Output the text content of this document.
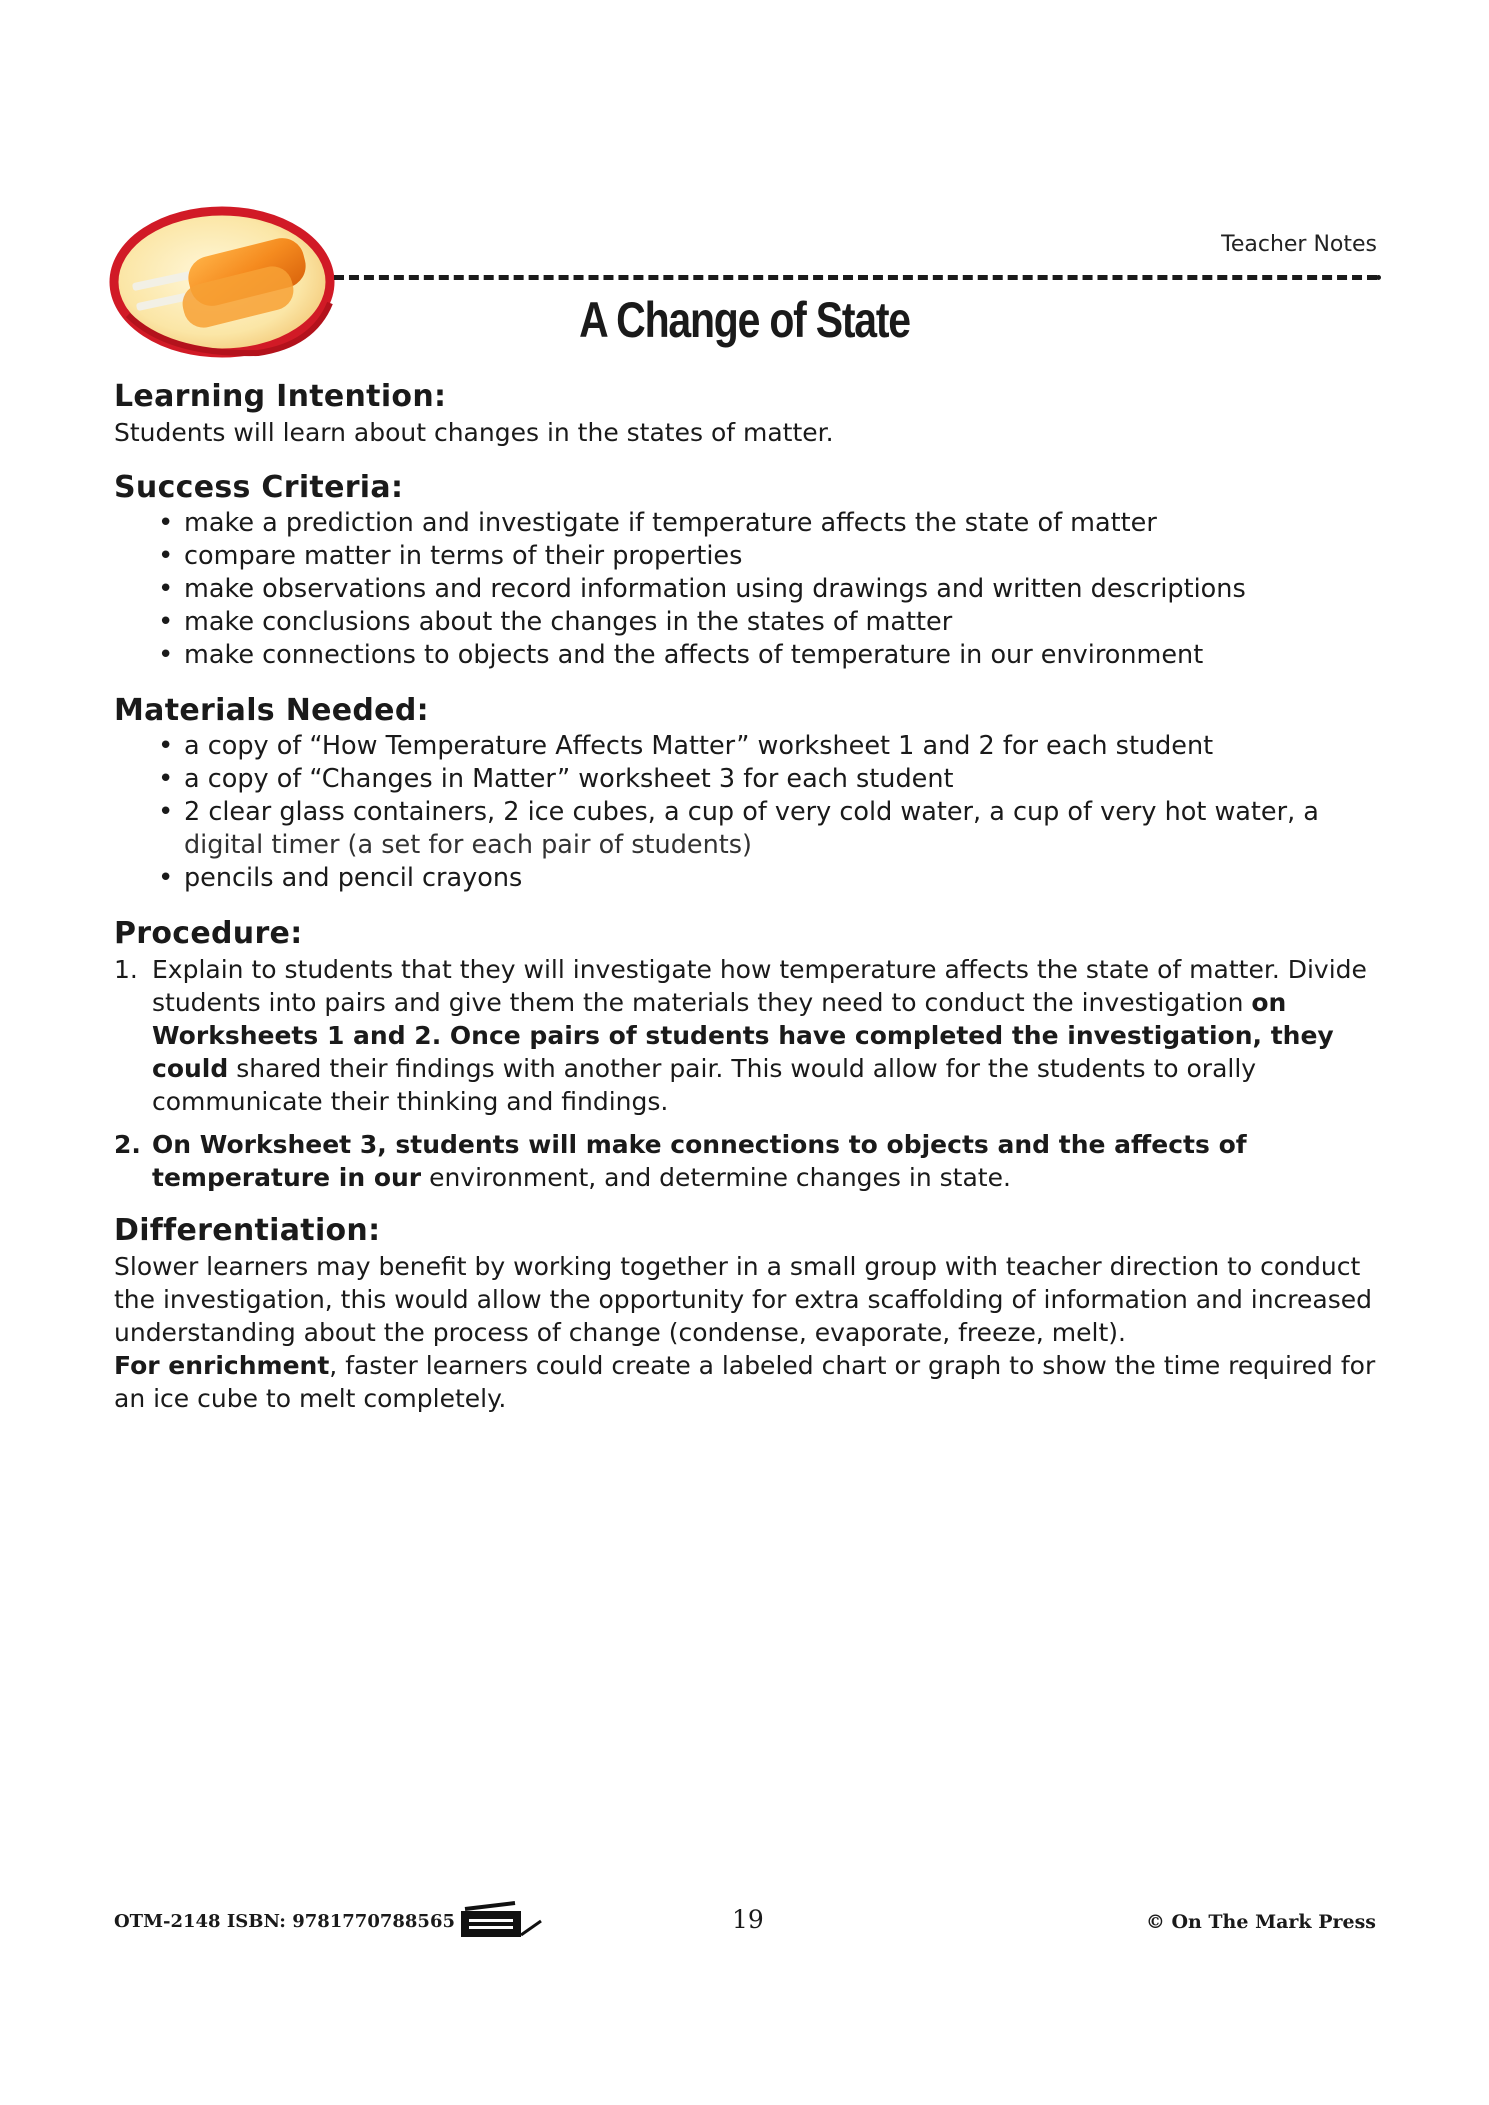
Teacher Notes
A Change of State
Learning Intention:

Students will learn about changes in the states of matter.

Success Criteria:
• make a prediction and investigate if temperature affects the state of matter
• compare matter in terms of their properties
• make observations and record information using drawings and written descriptions
• make conclusions about the changes in the states of matter
• make connections to objects and the affects of temperature in our environment
Materials Needed:
• a copy of “How Temperature Affects Matter” worksheet 1 and 2 for each student
• a copy of “Changes in Matter” worksheet 3 for each student
• 2 clear glass containers, 2 ice cubes, a cup of very cold water, a cup of very hot water, a
digital timer (a set for each pair of students)
• pencils and pencil crayons
Procedure:
1. Explain to students that they will investigate how temperature affects the state of matter. Divide students into pairs and give them the materials they need to conduct the investigation on Worksheets 1 and 2. Once pairs of students have completed the investigation, they could shared their findings with another pair. This would allow for the students to orally communicate their thinking and findings.
2. On Worksheet 3, students will make connections to objects and the affects of temperature in our environment, and determine changes in state.
Differentiation:

Slower learners may benefit by working together in a small group with teacher direction to conduct the investigation, this would allow the opportunity for extra scaffolding of information and increased understanding about the process of change (condense, evaporate, freeze, melt).
For enrichment, faster learners could create a labeled chart or graph to show the time required for an ice cube to melt completely.

OTM-2148 ISBN: 9781770788565	19	© On The Mark Press
